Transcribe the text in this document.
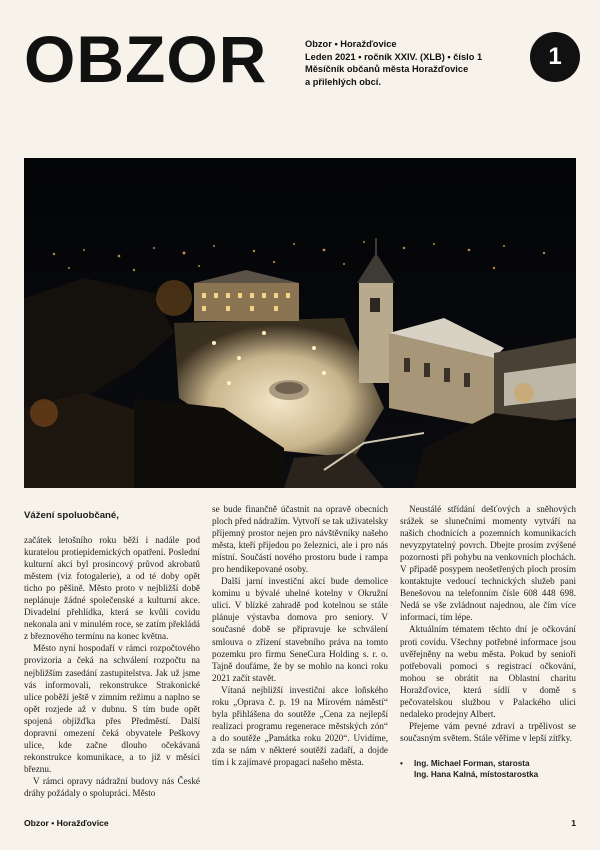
OBZOR	Obzor • Horažďovice
Leden 2021 • ročník XXIV. (XLB) • číslo 1
Měsíčník občanů města Horažďovice
a přilehlých obcí.
1
Vážení spoluobčané,

začátek letošního roku běží i nadále pod kuratelou protiepidemických opatření. Poslední kulturní akcí byl prosincový průvod akrobatů městem (viz fotogalerie), a od té doby opět ticho po pěšině. Město proto v nejbližší době neplánuje žádné společenské a kulturní akce. Divadelní přehlídka, která se kvůli covidu nekonala ani v minulém roce, se zatím překládá z březnového termínu na konec května.

Město nyní hospodaří v rámci rozpočtového provizoria a čeká na schválení rozpočtu na nejbližším zasedání zastupitelstva. Jak už jsme vás informovali, rekonstrukce Strakonické ulice poběží ještě v zimním režimu a naplno se opět rozjede až v dubnu. S tím bude opět spojená objížďka přes Předměstí. Další dopravní omezení čeká obyvatele Peškovy ulice, kde začne dlouho očekávaná rekonstrukce komunikace, a to již v měsíci březnu.

V rámci opravy nádražní budovy nás České dráhy požádaly o spolupráci. Město

se bude finančně účastnit na opravě obecních ploch před nádražím. Vytvoří se tak uživatelsky příjemný prostor nejen pro návštěvníky našeho města, kteří přijedou po železnici, ale i pro nás místní. Součástí nového prostoru bude i rampa pro hendikepované osoby.

Další jarní investiční akcí bude demolice kominu u bývalé uhelné kotelny v Okružní ulici. V blízké zahradě pod kotelnou se stále plánuje výstavba domova pro seniory. V současné době se připravuje ke schválení smlouva o zřízení stavebního práva na tomto pozemku pro firmu SeneCura Holding s. r. o. Tajně doufáme, že by se mohlo na konci roku 2021 začít stavět.

Vítaná nejbližší investiční akce loňského roku „Oprava č. p. 19 na Mírovém náměstí“ byla přihlášena do soutěže „Cena za nejlepší realizaci programu regenerace městských zón“ a do soutěže „Památka roku 2020“. Uvidíme, zda se nám v některé soutěží zadaří, a dojde tím i k zajímavé propagaci našeho města.

Neustálé střídání dešťových a sněhových srážek se slunečními momenty vytváří na našich chodnících a pozemních komunikacích nevyzpytatelný povrch. Dbejte prosím zvýšené pozornosti při pohybu na venkovních plochách. V případě posypem neošetřených ploch prosím kontaktujte vedoucí technických služeb pani Benešovou na telefonním čísle 608 448 698. Nedá se vše zvládnout najednou, ale čím více informací, tím lépe.

Aktuálním tématem těchto dní je očkování proti covidu. Všechny potřebné informace jsou uvěřejněny na webu města. Pokud by senioři potřebovali pomoci s registrací očkování, mohou se obrátit na Oblastní charitu Horažďovice, která sídlí v domě s pečovatelskou službou v Palackého ulici nedaleko prodejny Albert.

Přejeme vám pevné zdraví a trpělivost se současným světem. Stále věříme v lepší zítřky.

•	Ing. Michael Forman, starosta
Ing. Hana Kalná, místostarostka
Obzor • Horažďovice	1
